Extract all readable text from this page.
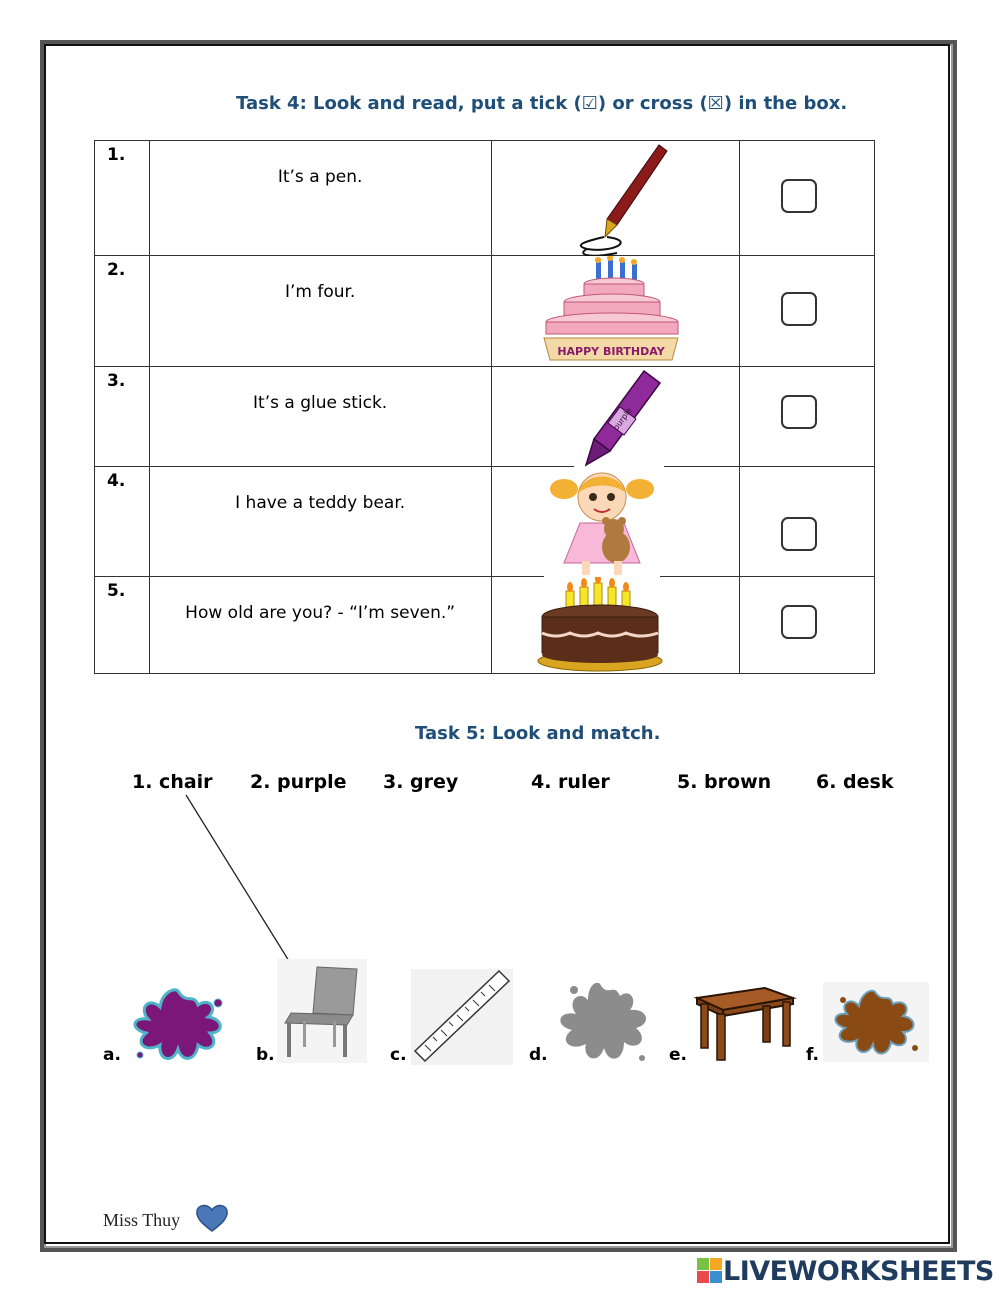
Task 4: Look and read, put a tick (☑) or cross (☒) in the box.
1.	It’s a pen.

2.	I’m four.	HAPPY BIRTHDAY	

3.	It’s a glue stick.	purple	

4.	I have a teddy bear.

5.	How old are you? - “I’m seven.”

Task 5: Look and match.
1. chair 2. purple 3. grey	4. ruler	5. brown 6. desk
a.	b.	c.	d.	e.	f.
Miss Thuy
LIVEWORKSHEETS
